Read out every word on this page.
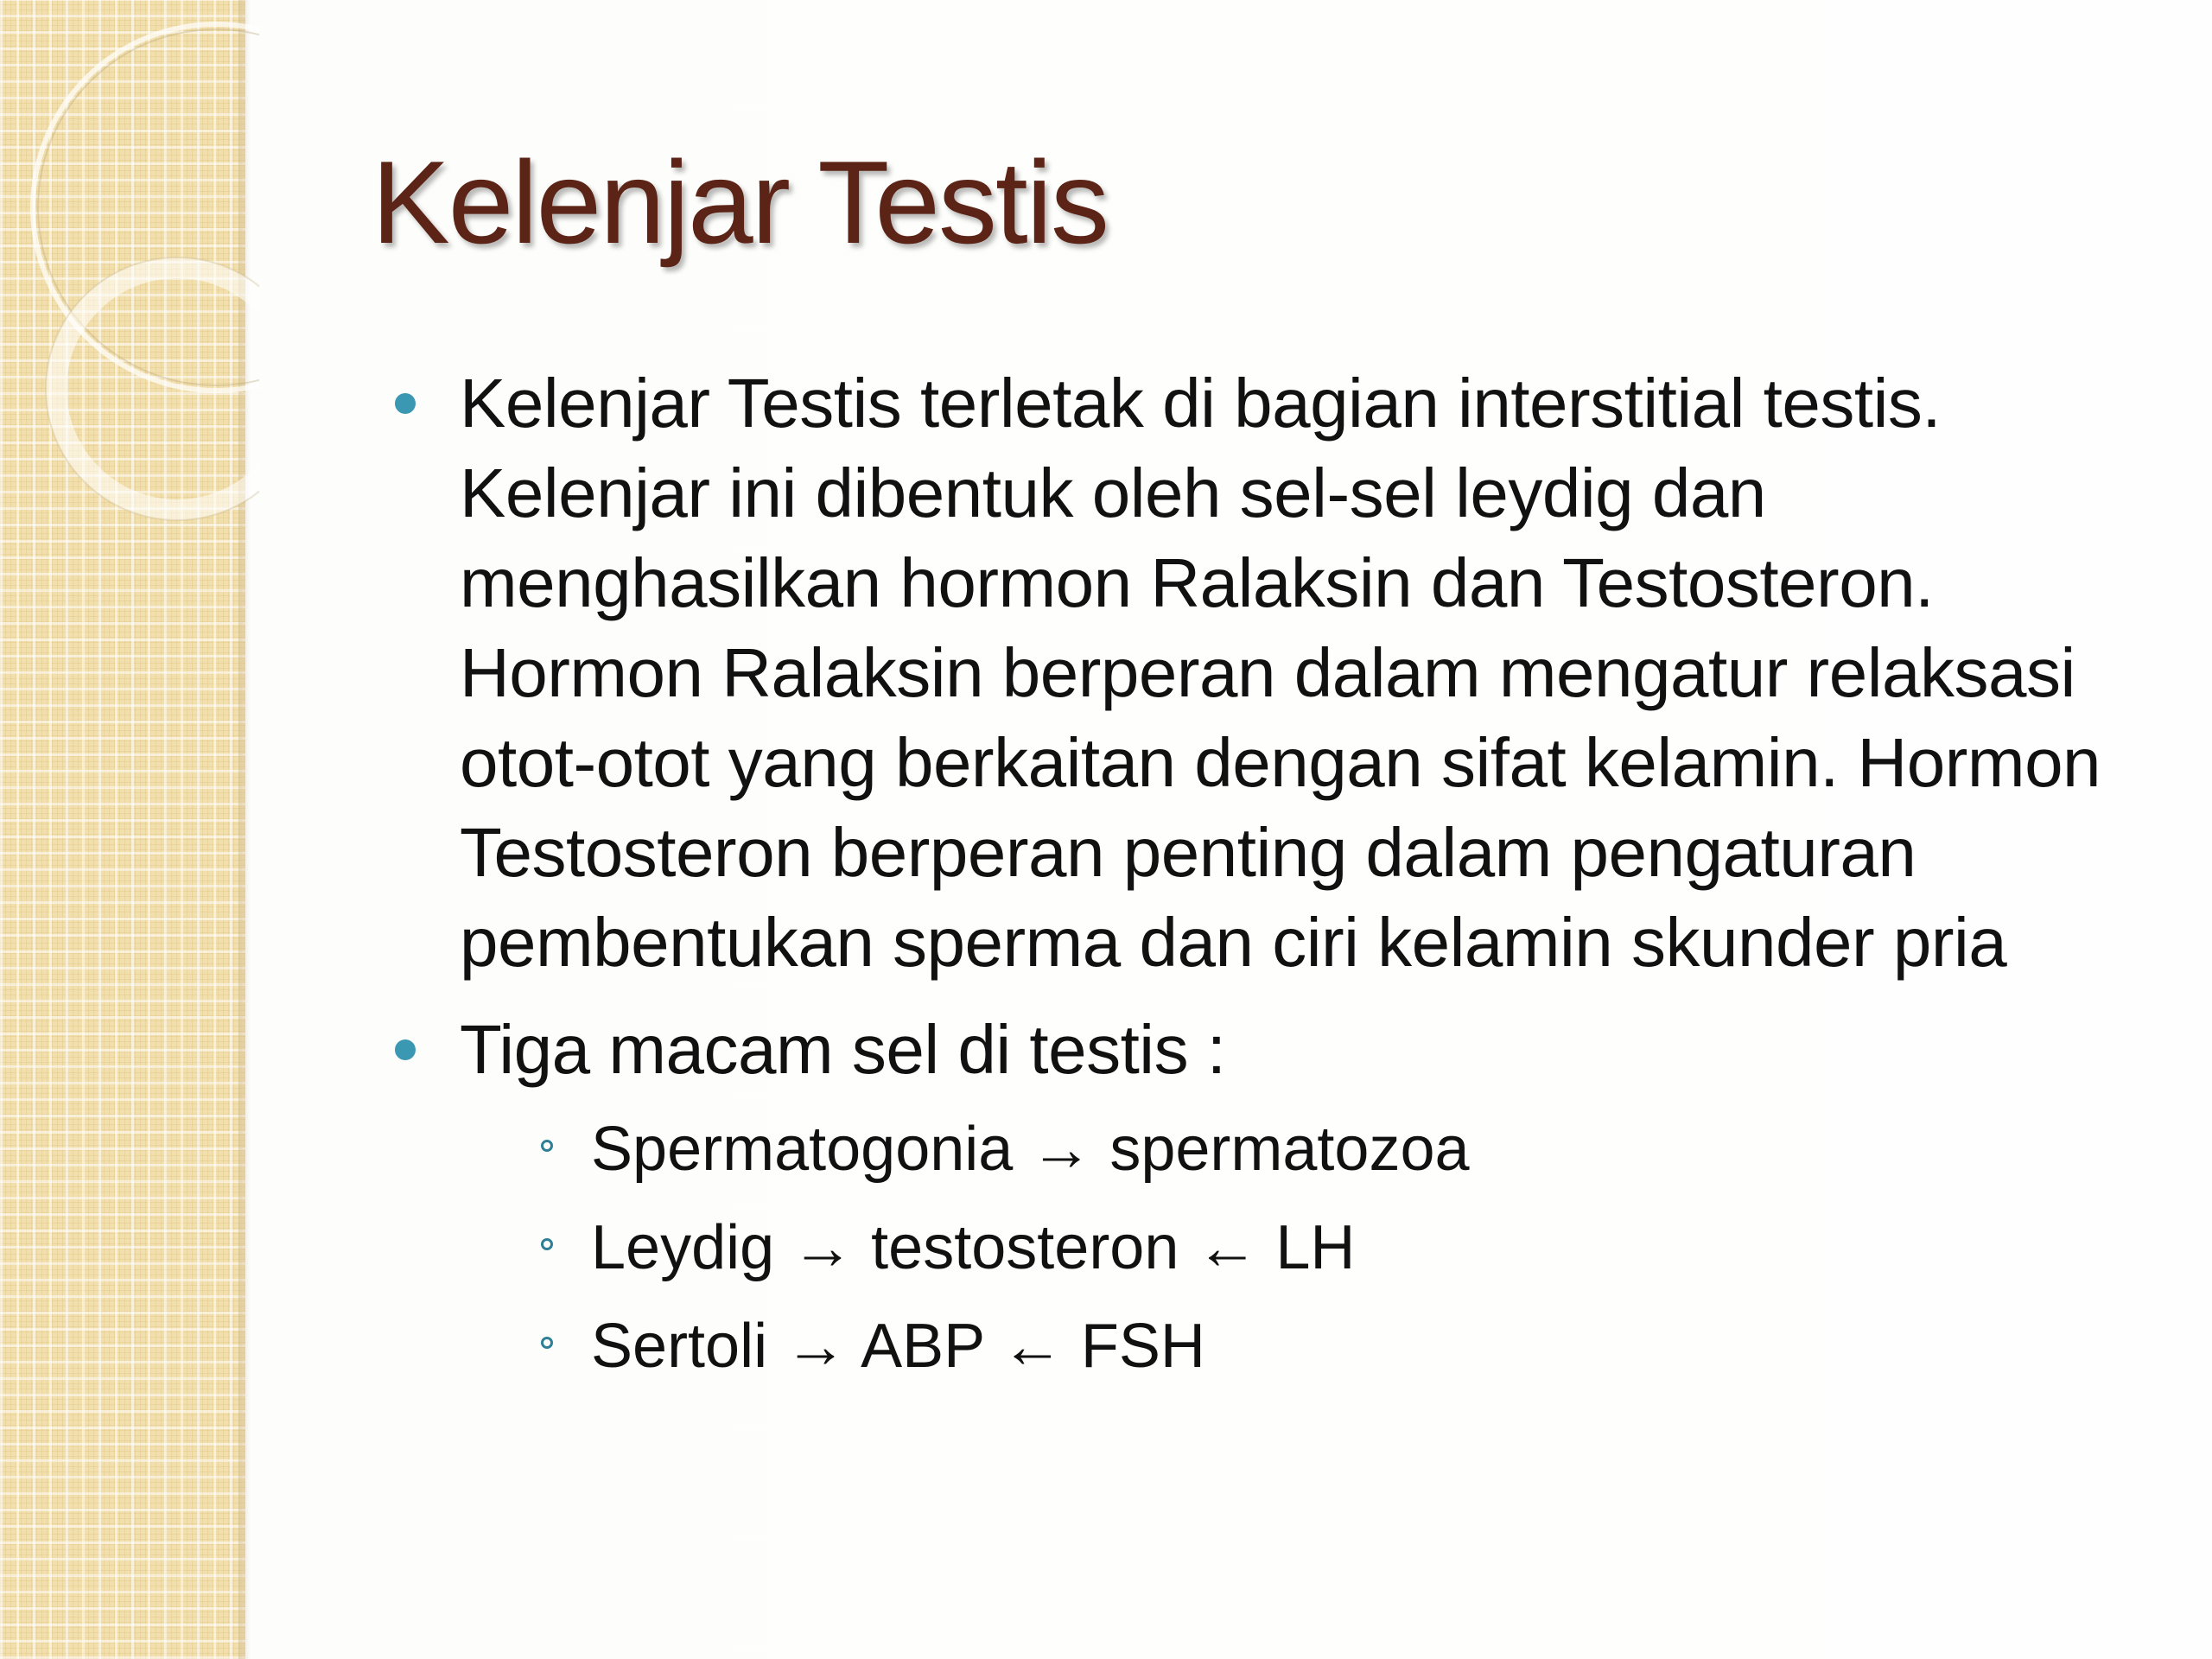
Kelenjar Testis
Kelenjar Testis terletak di bagian interstitial testis. Kelenjar ini dibentuk oleh sel-sel leydig dan menghasilkan hormon Ralaksin dan Testosteron. Hormon Ralaksin berperan dalam mengatur relaksasi otot-otot yang berkaitan dengan sifat kelamin. Hormon Testosteron berperan penting dalam pengaturan pembentukan sperma dan ciri kelamin skunder pria
Tiga macam sel di testis :
Spermatogonia → spermatozoa
Leydig → testosteron ← LH
Sertoli → ABP ← FSH
